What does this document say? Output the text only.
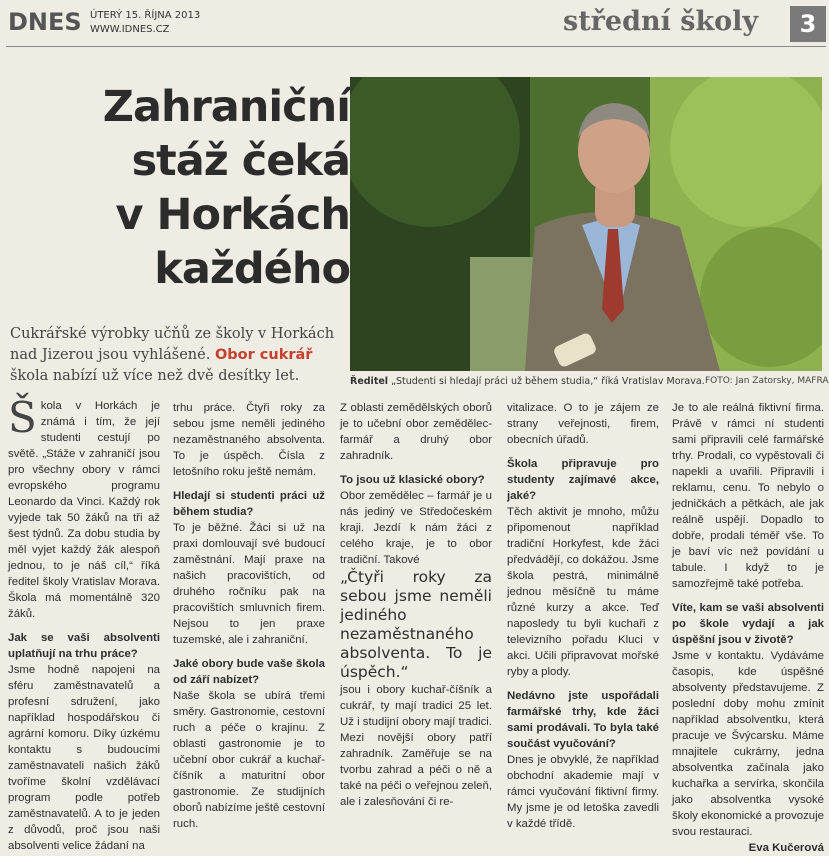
DNES ÚTERÝ 15. ŘÍJNA 2013
WWW.IDNES.CZ	střední školy	3
Zahraniční
stáž čeká
v Horkách
každého
Ředitel „Studenti si hledají práci už během studia,“ říká Vratislav Morava. FOTO: Jan Zatorsky, MAFRA
Cukrářské výrobky učňů ze školy v Horkách nad Jizerou jsou vyhlášené. Obor cukrář škola nabízí už více než dvě desítky let.

Škola v Horkách je známá i tím, že její studenti cestují po světě. „Stáže v zahraničí jsou pro všechny obory v rámci evropského programu Leonardo da Vinci. Každý rok vyjede tak 50 žáků na tři až šest týdnů. Za dobu studia by měl vyjet každý žák alespoň jednou, to je náš cíl,“ říká ředitel školy Vratislav Morava. Škola má momentálně 320 žáků.

Jak se vaši absolventi uplatňují na trhu práce?

Jsme hodně napojeni na sféru zaměstnavatelů a profesní sdružení, jako například hospodářskou či agrární komoru. Díky úzkému kontaktu s budoucími zaměstnavateli našich žáků tvoříme školní vzdělávací program podle potřeb zaměstnavatelů. A to je jeden z důvodů, proč jsou naši absolventi velice žádaní na

trhu práce. Čtyři roky za sebou jsme neměli jediného nezaměstnaného absolventa. To je úspěch. Čísla z letošního roku ještě nemám.

Hledají si studenti práci už během studia?

To je běžné. Žáci si už na praxi domlouvají své budoucí zaměstnání. Mají praxe na našich pracovištích, od druhého ročníku pak na pracovištích smluvních firem. Nejsou to jen praxe tuzemské, ale i zahraniční.

Jaké obory bude vaše škola od září nabízet?

Naše škola se ubírá třemi směry. Gastronomie, cestovní ruch a péče o krajinu. Z oblasti gastronomie je to učební obor cukrář a kuchař-číšník a maturitní obor gastronomie. Ze studijních oborů nabízíme ještě cestovní ruch.

Z oblasti zemědělských oborů je to učební obor zemědělec-farmář a druhý obor zahradník.

To jsou už klasické obory?

Obor zemědělec – farmář je u nás jediný ve Středočeském kraji. Jezdí k nám žáci z celého kraje, je to obor tradiční. Takové

„Čtyři roky za sebou jsme neměli jediného nezaměstnaného absolventa. To je úspěch.“

jsou i obory kuchař-číšník a cukrář, ty mají tradici 25 let. Už i studijní obory mají tradici. Mezi novější obory patří zahradník. Zaměřuje se na tvorbu zahrad a péči o ně a také na péči o veřejnou zeleň, ale i zalesňování či re-

vitalizace. O to je zájem ze strany veřejnosti, firem, obecních úřadů.

Škola připravuje pro studenty zajímavé akce, jaké?

Těch aktivit je mnoho, můžu připomenout například tradiční Horkyfest, kde žáci předvádějí, co dokážou. Jsme škola pestrá, minimálně jednou měsíčně tu máme různé kurzy a akce. Teď naposledy tu byli kuchaři z televizního pořadu Kluci v akci. Učili připravovat mořské ryby a plody.

Nedávno jste uspořádali farmářské trhy, kde žáci sami prodávali. To byla také součást vyučování?

Dnes je obvyklé, že například obchodní akademie mají v rámci vyučování fiktivní firmy. My jsme je od letoška zavedli v každé třídě.

Je to ale reálná fiktivní firma. Právě v rámci ní studenti sami připravili celé farmářské trhy. Prodali, co vypěstovali či napekli a uvařili. Připravili i reklamu, cenu. To nebylo o jedničkách a pětkách, ale jak reálně uspějí. Dopadlo to dobře, prodali téměř vše. To je baví víc než povídání u tabule. I když to je samozřejmě také potřeba.

Víte, kam se vaši absolventi po škole vydají a jak úspěšní jsou v životě?

Jsme v kontaktu. Vydáváme časopis, kde úspěšné absolventy představujeme. Z poslední doby mohu zmínit například absolventku, která pracuje ve Švýcarsku. Máme mnajitele cukrárny, jedna absolventka začínala jako kuchařka a servírka, skončila jako absolventka vysoké školy ekonomické a provozuje svou restauraci.

Eva Kučerová
